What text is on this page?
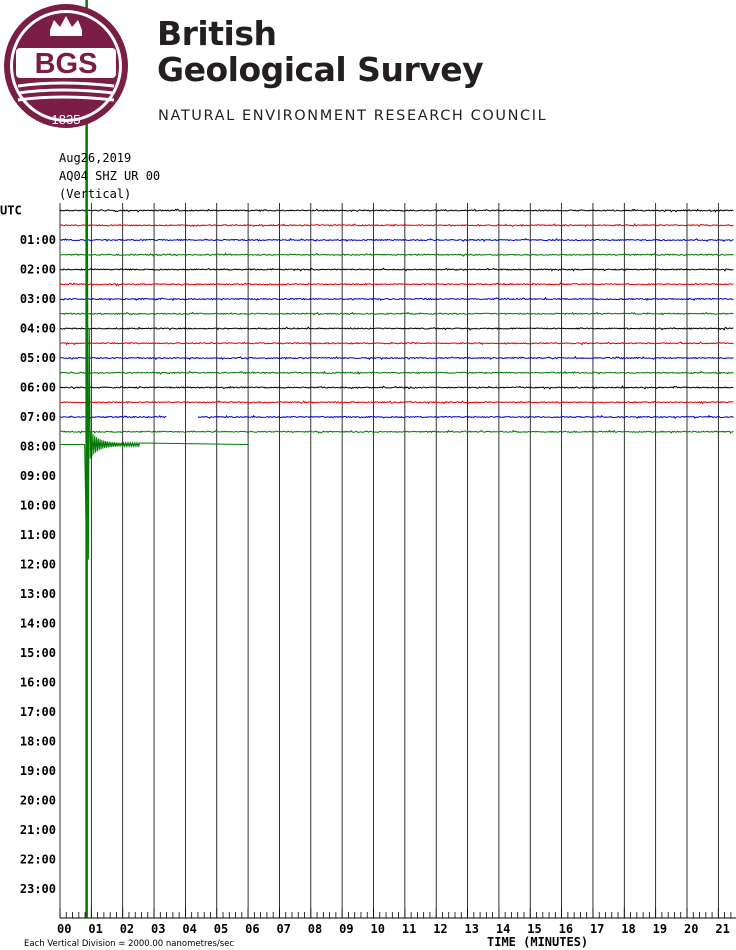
00 01 02 03 04 05 06 07 08 09 10 11 12 13 14 15 16 17 18 19 20 21
TIME (MINUTES)
Each Vertical Division = 2000.00 nanometres/sec
UTC
01:00
02:00
03:00
04:00
05:00
06:00
07:00
08:00
09:00
10:00
11:00
12:00
13:00
14:00
15:00
16:00
17:00
18:00
19:00
20:00
21:00
22:00
23:00
BGS
1835
British
Geological Survey
NATURAL ENVIRONMENT RESEARCH COUNCIL
Aug26,2019
AQ04 SHZ UR 00
(Vertical)
